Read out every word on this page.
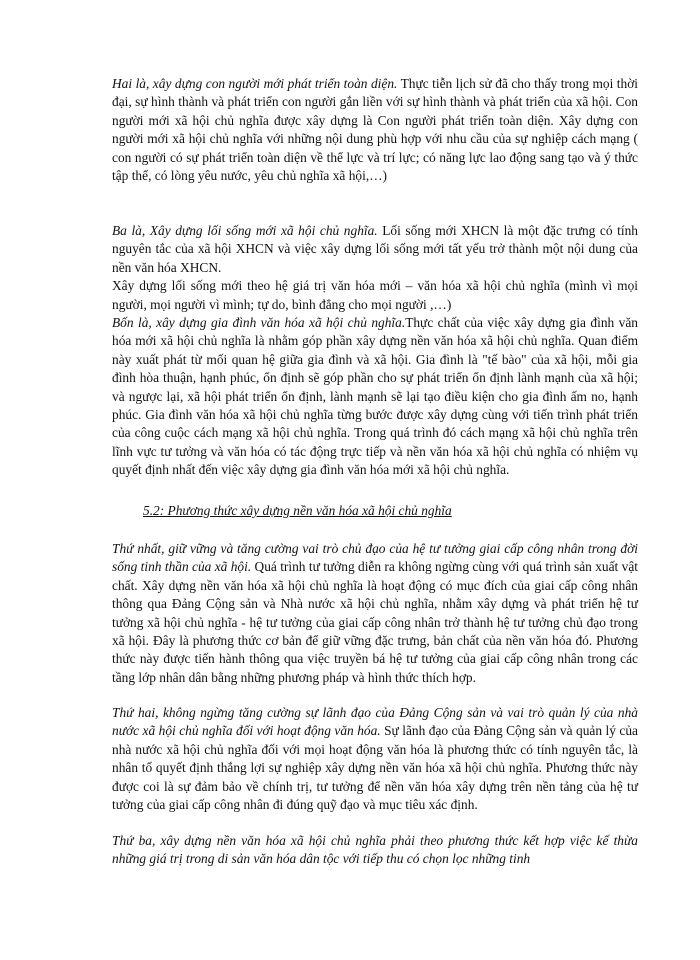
Hai là, xây dựng con người mới phát triển toàn diện. Thực tiễn lịch sử đã cho thấy trong mọi thời đại, sự hình thành và phát triển con người gắn liền với sự hình thành và phát triển của xã hội. Con người mới xã hội chủ nghĩa được xây dựng là Con người phát triển toàn diện. Xây dựng con người mới xã hội chủ nghĩa với những nội dung phù hợp với nhu cầu của sự nghiệp cách mạng ( con người có sự phát triển toàn diện về thể lực và trí lực; có năng lực lao động sang tạo và ý thức tập thể, có lòng yêu nước, yêu chủ nghĩa xã hội,…)

Ba là, Xây dựng lối sống mới xã hội chủ nghĩa. Lối sống mới XHCN là một đặc trưng có tính nguyên tắc của xã hội XHCN và việc xây dựng lối sống mới tất yếu trở thành một nội dung của nền văn hóa XHCN.

Xây dựng lối sống mới theo hệ giá trị văn hóa mới – văn hóa xã hội chủ nghĩa (mình vì mọi người, mọi người vì mình; tự do, bình đẳng cho mọi người ,…)

Bốn là, xây dựng gia đình văn hóa xã hội chủ nghĩa.Thực chất của việc xây dựng gia đình văn hóa mới xã hội chủ nghĩa là nhằm góp phần xây dựng nền văn hóa xã hội chủ nghĩa. Quan điểm này xuất phát từ mối quan hệ giữa gia đình và xã hội. Gia đình là "tế bào" của xã hội, mỗi gia đình hòa thuận, hạnh phúc, ổn định sẽ góp phần cho sự phát triển ổn định lành mạnh của xã hội; và ngược lại, xã hội phát triển ổn định, lành mạnh sẽ lại tạo điều kiện cho gia đình ấm no, hạnh phúc. Gia đình văn hóa xã hội chủ nghĩa từng bước được xây dựng cùng với tiến trình phát triển của công cuộc cách mạng xã hội chủ nghĩa. Trong quá trình đó cách mạng xã hội chủ nghĩa trên lĩnh vực tư tưởng và văn hóa có tác động trực tiếp và nền văn hóa xã hội chủ nghĩa có nhiệm vụ quyết định nhất đến việc xây dựng gia đình văn hóa mới xã hội chủ nghĩa.

5.2: Phương thức xây dựng nền văn hóa xã hội chủ nghĩa

Thứ nhất, giữ vững và tăng cường vai trò chủ đạo của hệ tư tưởng giai cấp công nhân trong đời sống tinh thần của xã hội. Quá trình tư tưởng diễn ra không ngừng cùng với quá trình sản xuất vật chất. Xây dựng nền văn hóa xã hội chủ nghĩa là hoạt động có mục đích của giai cấp công nhân thông qua Đảng Cộng sản và Nhà nước xã hội chủ nghĩa, nhằm xây dựng và phát triển hệ tư tưởng xã hội chủ nghĩa - hệ tư tưởng của giai cấp công nhân trở thành hệ tư tưởng chủ đạo trong xã hội. Đây là phương thức cơ bản để giữ vững đặc trưng, bản chất của nền văn hóa đó. Phương thức này được tiến hành thông qua việc truyền bá hệ tư tưởng của giai cấp công nhân trong các tầng lớp nhân dân bằng những phương pháp và hình thức thích hợp.

Thứ hai, không ngừng tăng cường sự lãnh đạo của Đảng Cộng sản và vai trò quản lý của nhà nước xã hội chủ nghĩa đối với hoạt động văn hóa. Sự lãnh đạo của Đảng Cộng sản và quản lý của nhà nước xã hội chủ nghĩa đối với mọi hoạt động văn hóa là phương thức có tính nguyên tắc, là nhân tố quyết định thắng lợi sự nghiệp xây dựng nền văn hóa xã hội chủ nghĩa. Phương thức này được coi là sự đảm bảo về chính trị, tư tưởng để nền văn hóa xây dựng trên nền tảng của hệ tư tưởng của giai cấp công nhân đi đúng quỹ đạo và mục tiêu xác định.

Thứ ba, xây dựng nền văn hóa xã hội chủ nghĩa phải theo phương thức kết hợp việc kế thừa những giá trị trong di sản văn hóa dân tộc với tiếp thu có chọn lọc những tinh
